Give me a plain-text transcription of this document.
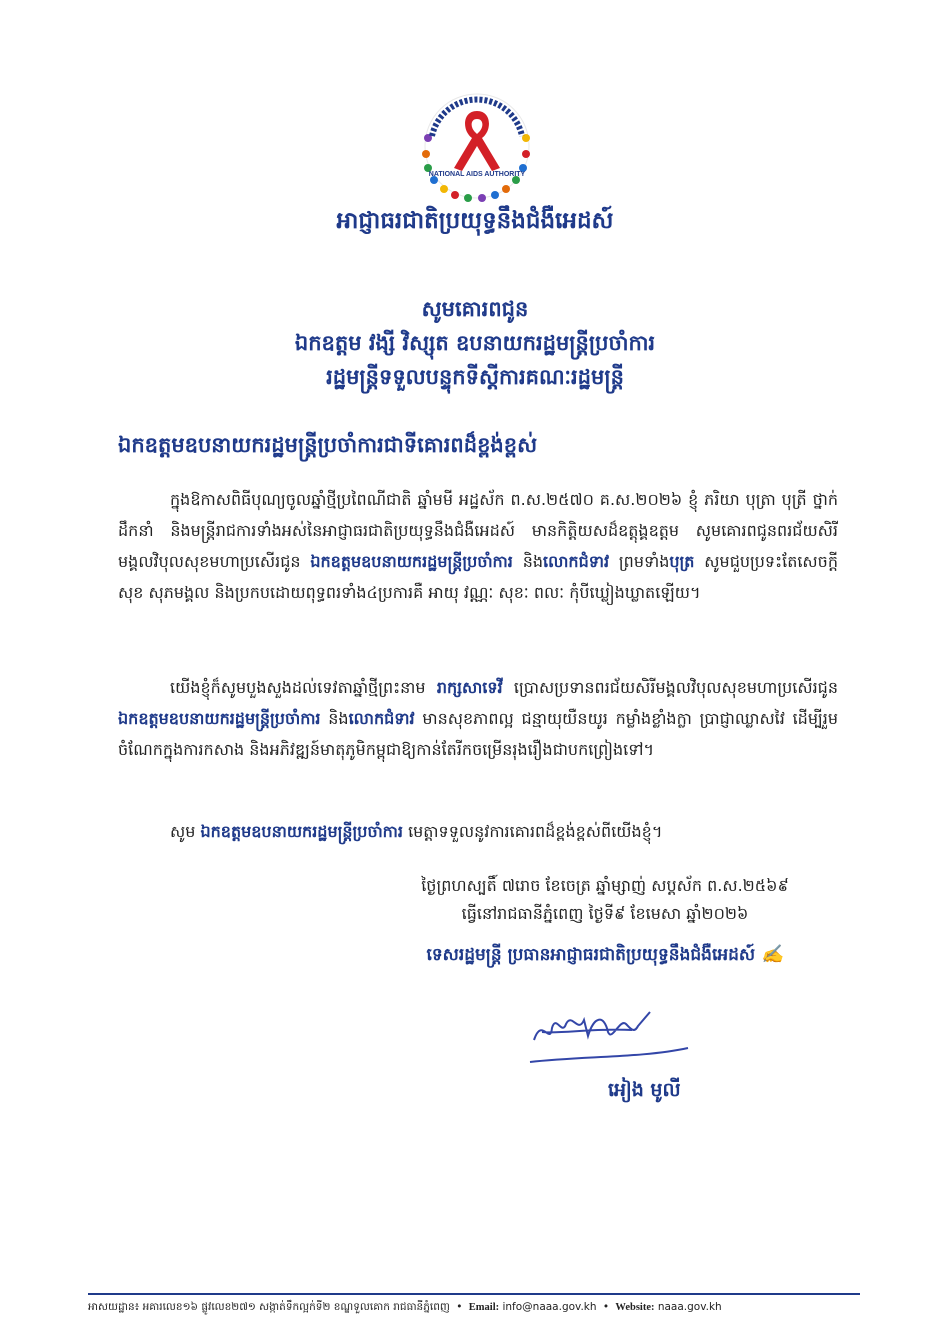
NATIONAL AIDS AUTHORITY
អាជ្ញាធរជាតិប្រយុទ្ធនឹងជំងឺអេដស៍
សូមគោរពជូន
ឯកឧត្តម វង្សី វិស្សុត ឧបនាយករដ្ឋមន្ត្រីប្រចាំការ
រដ្ឋមន្ត្រីទទួលបន្ទុកទីស្តីការគណៈរដ្ឋមន្ត្រី
ឯកឧត្តមឧបនាយករដ្ឋមន្ត្រីប្រចាំការជាទីគោរពដ៏ខ្ពង់ខ្ពស់
ក្នុងឱកាសពិធីបុណ្យចូលឆ្នាំថ្មីប្រពៃណីជាតិ ឆ្នាំមមី អដ្ឋស័ក ព.ស.២៥៧០ គ.ស.២០២៦ ខ្ញុំ ភរិយា បុត្រា បុត្រី ថ្នាក់ដឹកនាំ និងមន្ត្រីរាជការទាំងអស់នៃអាជ្ញាធរជាតិប្រយុទ្ធនឹងជំងឺអេដស៍ មានកិត្តិយសដ៏ឧត្តុង្គឧត្តម សូមគោរពជូនពរជ័យសិរីមង្គលវិបុលសុខមហាប្រសើរជូន ឯកឧត្តមឧបនាយករដ្ឋមន្ត្រីប្រចាំការ និងលោកជំទាវ ព្រមទាំងបុត្រ សូមជួបប្រទះតែសេចក្តីសុខ សុភមង្គល និងប្រកបដោយពុទ្ធពរទាំង៤ប្រការគឺ អាយុ វណ្ណៈ សុខៈ ពលៈ កុំបីឃ្លៀងឃ្លាតឡើយ។
យើងខ្ញុំក៏សូមបួងសួងដល់ទេវតាឆ្នាំថ្មីព្រះនាម រាក្សសាទេវី ប្រោសប្រទានពរជ័យសិរីមង្គលវិបុលសុខមហាប្រសើរជូន ឯកឧត្តមឧបនាយករដ្ឋមន្ត្រីប្រចាំការ និងលោកជំទាវ មានសុខភាពល្អ ជន្មាយុយឺនយូរ កម្លាំងខ្លាំងក្លា ប្រាជ្ញាឈ្លាសវៃ ដើម្បីរួមចំណែកក្នុងការកសាង និងអភិវឌ្ឍន៍មាតុភូមិកម្ពុជាឱ្យកាន់តែរីកចម្រើនរុងរឿងជាបកព្រៀងទៅ។
សូម ឯកឧត្តមឧបនាយករដ្ឋមន្ត្រីប្រចាំការ មេត្តាទទួលនូវការគោរពដ៏ខ្ពង់ខ្ពស់ពីយើងខ្ញុំ។
ថ្ងៃព្រហស្បតិ៍ ៧រោច ខែចេត្រ ឆ្នាំម្សាញ់ សប្តស័ក ព.ស.២៥៦៩
ធ្វើនៅរាជធានីភ្នំពេញ ថ្ងៃទី៩ ខែមេសា ឆ្នាំ២០២៦
ទេសរដ្ឋមន្ត្រី ប្រធានអាជ្ញាធរជាតិប្រយុទ្ធនឹងជំងឺអេដស៍ ✍
អៀង មូលី
អាសយដ្ឋាន៖ អគារលេខ១៦ ផ្លូវលេខ២៧១ សង្កាត់ទឹកល្អក់ទី២ ខណ្ឌទួលគោក រាជធានីភ្នំពេញ • Email: info@naaa.gov.kh • Website: naaa.gov.kh
